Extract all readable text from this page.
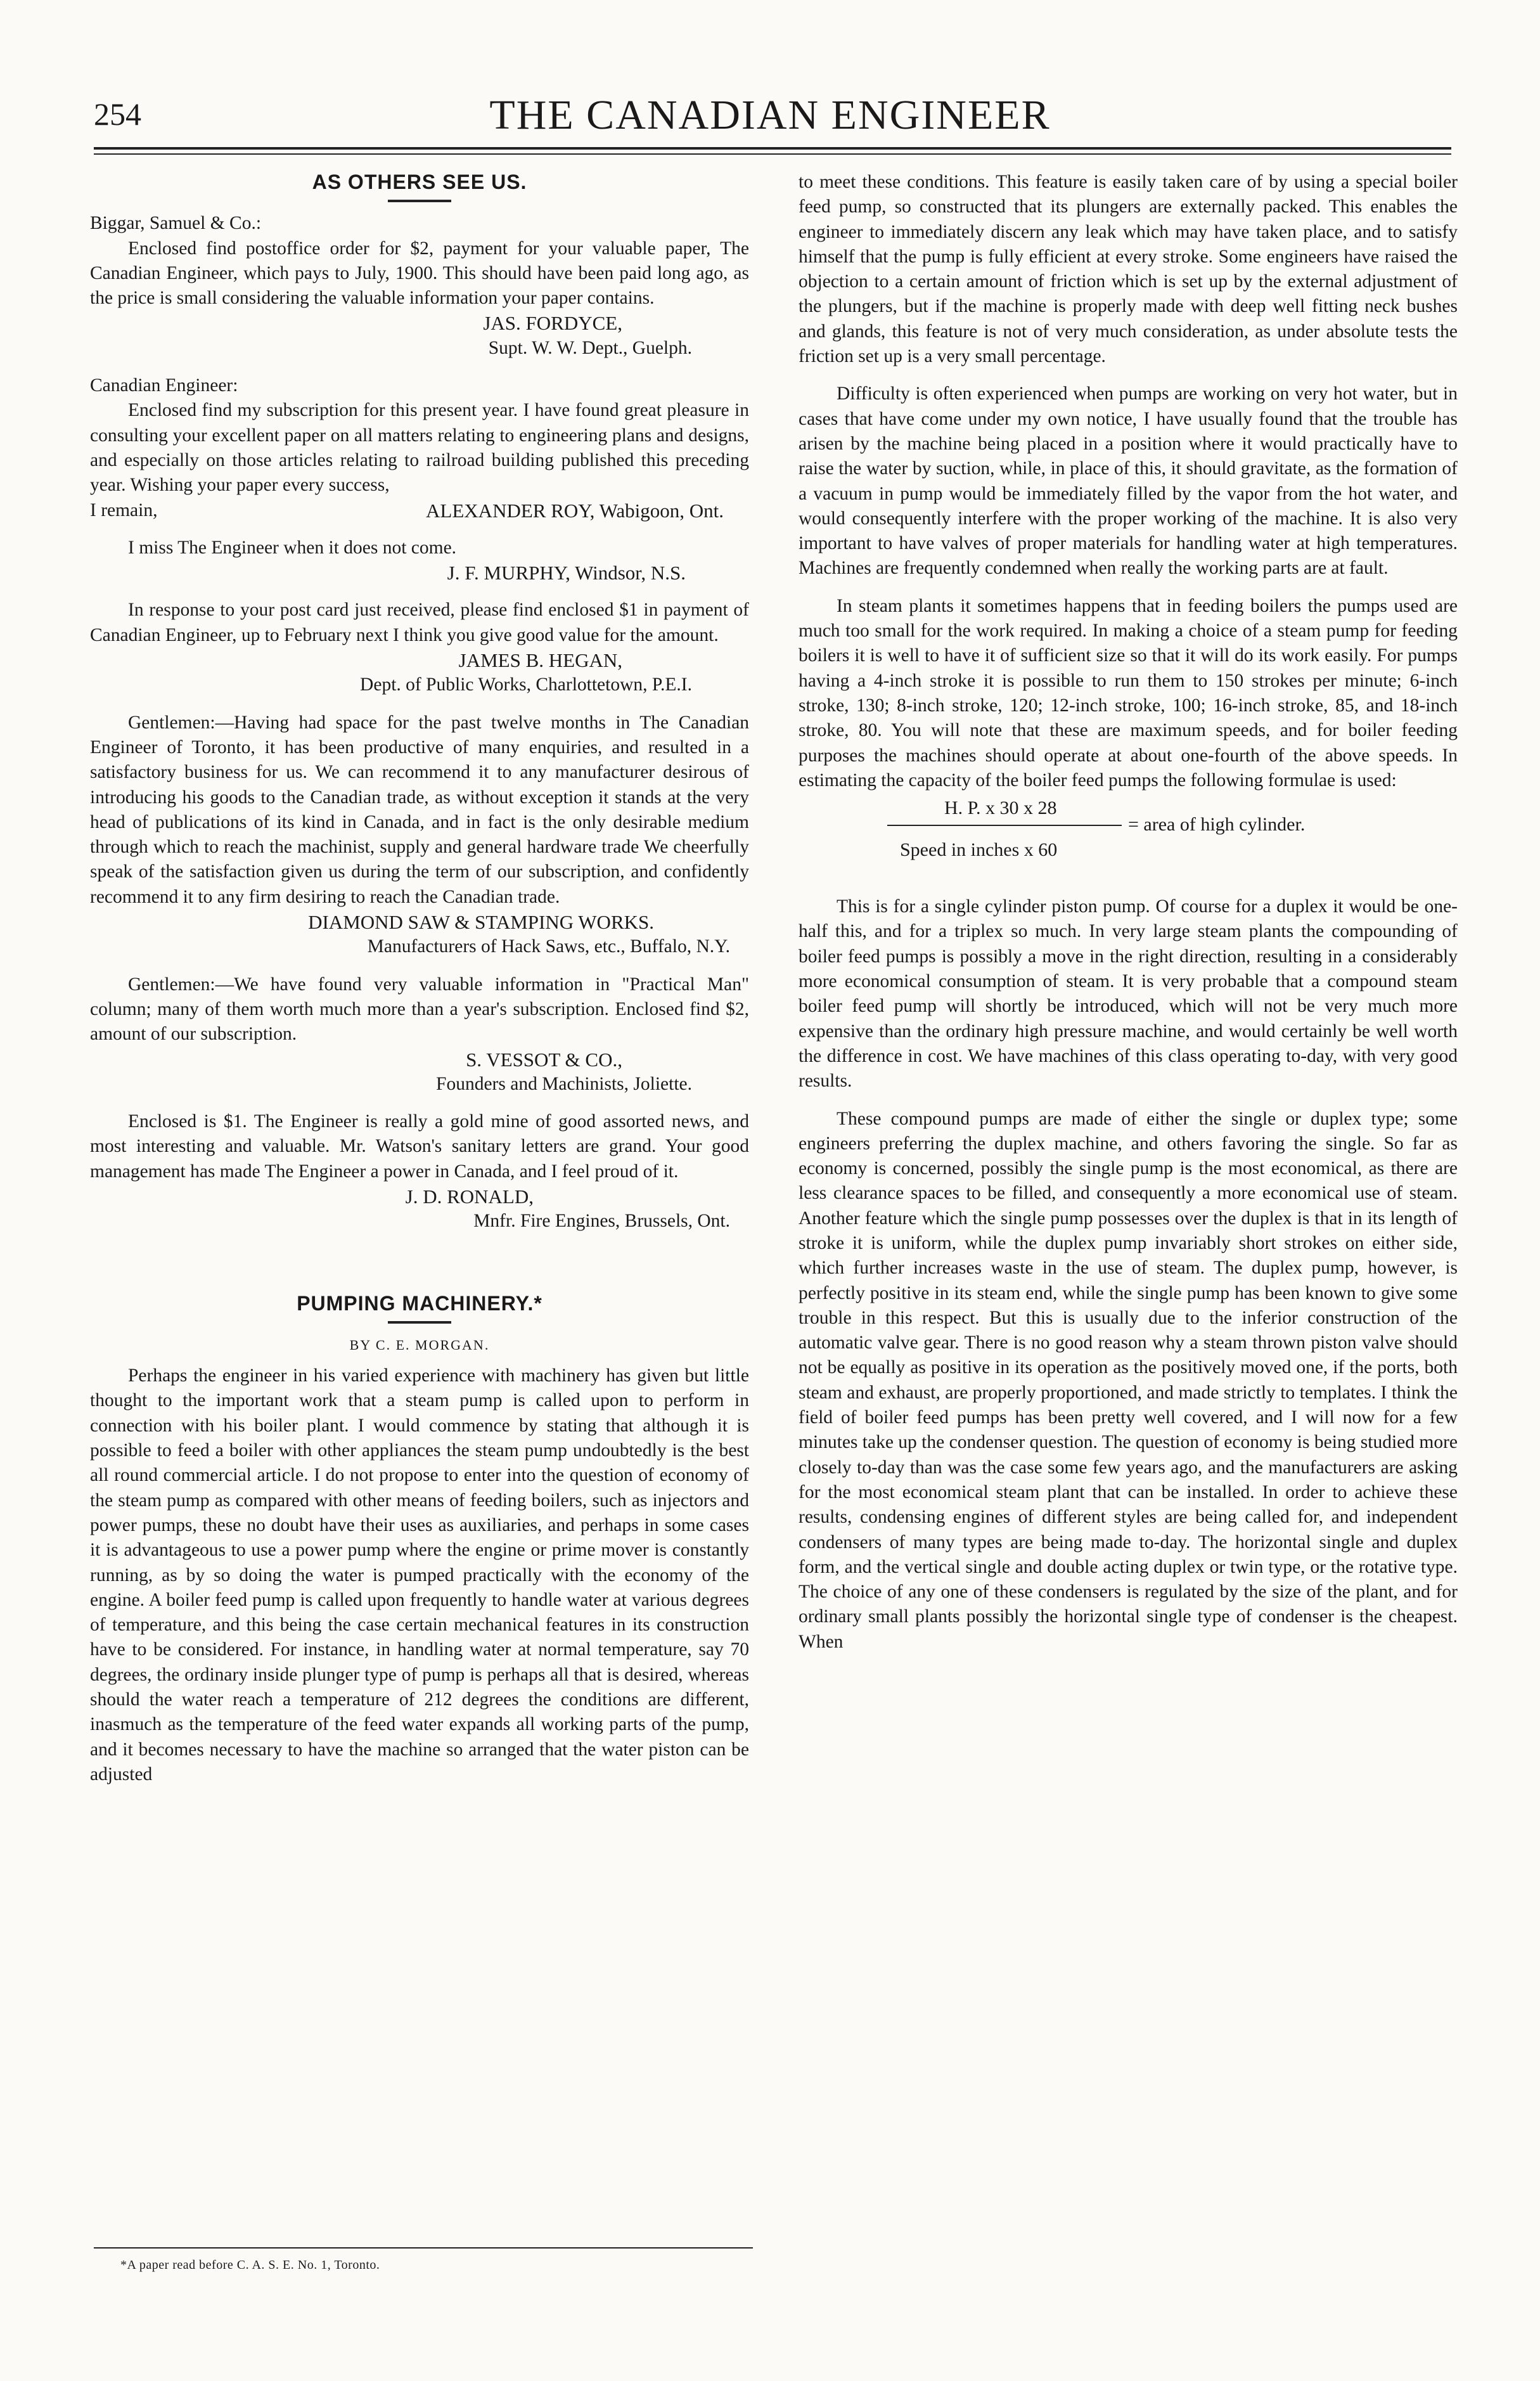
254	THE CANADIAN ENGINEER

AS OTHERS SEE US.

Biggar, Samuel & Co.:

Enclosed find postoffice order for $2, payment for your valuable paper, The Canadian Engineer, which pays to July, 1900. This should have been paid long ago, as the price is small considering the valuable information your paper contains.

JAS. FORDYCE,

Supt. W. W. Dept., Guelph.

Canadian Engineer:

Enclosed find my subscription for this present year. I have found great pleasure in consulting your excellent paper on all matters relating to engineering plans and designs, and especially on those articles relating to railroad building published this preceding year. Wishing your paper every success,

I remain,	ALEXANDER ROY, Wabigoon, Ont.

I miss The Engineer when it does not come.

J. F. MURPHY, Windsor, N.S.

In response to your post card just received, please find enclosed $1 in payment of Canadian Engineer, up to February next I think you give good value for the amount.

JAMES B. HEGAN,

Dept. of Public Works, Charlottetown, P.E.I.

Gentlemen:—Having had space for the past twelve months in The Canadian Engineer of Toronto, it has been productive of many enquiries, and resulted in a satisfactory business for us. We can recommend it to any manufacturer desirous of introducing his goods to the Canadian trade, as without exception it stands at the very head of publications of its kind in Canada, and in fact is the only desirable medium through which to reach the machinist, supply and general hardware trade We cheerfully speak of the satisfaction given us during the term of our subscription, and confidently recommend it to any firm desiring to reach the Canadian trade.

DIAMOND SAW & STAMPING WORKS.

Manufacturers of Hack Saws, etc., Buffalo, N.Y.

Gentlemen:—We have found very valuable information in "Practical Man" column; many of them worth much more than a year's subscription. Enclosed find $2, amount of our subscription.

S. VESSOT & CO.,

Founders and Machinists, Joliette.

Enclosed is $1. The Engineer is really a gold mine of good assorted news, and most interesting and valuable. Mr. Watson's sanitary letters are grand. Your good management has made The Engineer a power in Canada, and I feel proud of it.

J. D. RONALD,

Mnfr. Fire Engines, Brussels, Ont.

PUMPING MACHINERY.*

BY C. E. MORGAN.

Perhaps the engineer in his varied experience with machinery has given but little thought to the important work that a steam pump is called upon to perform in connection with his boiler plant. I would commence by stating that although it is possible to feed a boiler with other appliances the steam pump undoubtedly is the best all round commercial article. I do not propose to enter into the question of economy of the steam pump as compared with other means of feeding boilers, such as injectors and power pumps, these no doubt have their uses as auxiliaries, and perhaps in some cases it is advantageous to use a power pump where the engine or prime mover is constantly running, as by so doing the water is pumped practically with the economy of the engine. A boiler feed pump is called upon frequently to handle water at various degrees of temperature, and this being the case certain mechanical features in its construction have to be considered. For instance, in handling water at normal temperature, say 70 degrees, the ordinary inside plunger type of pump is perhaps all that is desired, whereas should the water reach a temperature of 212 degrees the conditions are different, inasmuch as the temperature of the feed water expands all working parts of the pump, and it becomes necessary to have the machine so arranged that the water piston can be adjusted

*A paper read before C. A. S. E. No. 1, Toronto.

to meet these conditions. This feature is easily taken care of by using a special boiler feed pump, so constructed that its plungers are externally packed. This enables the engineer to immediately discern any leak which may have taken place, and to satisfy himself that the pump is fully efficient at every stroke. Some engineers have raised the objection to a certain amount of friction which is set up by the external adjustment of the plungers, but if the machine is properly made with deep well fitting neck bushes and glands, this feature is not of very much consideration, as under absolute tests the friction set up is a very small percentage.

Difficulty is often experienced when pumps are working on very hot water, but in cases that have come under my own notice, I have usually found that the trouble has arisen by the machine being placed in a position where it would practically have to raise the water by suction, while, in place of this, it should gravitate, as the formation of a vacuum in pump would be immediately filled by the vapor from the hot water, and would consequently interfere with the proper working of the machine. It is also very important to have valves of proper materials for handling water at high temperatures. Machines are frequently condemned when really the working parts are at fault.

In steam plants it sometimes happens that in feeding boilers the pumps used are much too small for the work required. In making a choice of a steam pump for feeding boilers it is well to have it of sufficient size so that it will do its work easily. For pumps having a 4-inch stroke it is possible to run them to 150 strokes per minute; 6-inch stroke, 130; 8-inch stroke, 120; 12-inch stroke, 100; 16-inch stroke, 85, and 18-inch stroke, 80. You will note that these are maximum speeds, and for boiler feeding purposes the machines should operate at about one-fourth of the above speeds. In estimating the capacity of the boiler feed pumps the following formulae is used:

H. P. x 30 x 28
= area of high cylinder.
Speed in inches x 60

This is for a single cylinder piston pump. Of course for a duplex it would be one-half this, and for a triplex so much. In very large steam plants the compounding of boiler feed pumps is possibly a move in the right direction, resulting in a considerably more economical consumption of steam. It is very probable that a compound steam boiler feed pump will shortly be introduced, which will not be very much more expensive than the ordinary high pressure machine, and would certainly be well worth the difference in cost. We have machines of this class operating to-day, with very good results.

These compound pumps are made of either the single or duplex type; some engineers preferring the duplex machine, and others favoring the single. So far as economy is concerned, possibly the single pump is the most economical, as there are less clearance spaces to be filled, and consequently a more economical use of steam. Another feature which the single pump possesses over the duplex is that in its length of stroke it is uniform, while the duplex pump invariably short strokes on either side, which further increases waste in the use of steam. The duplex pump, however, is perfectly positive in its steam end, while the single pump has been known to give some trouble in this respect. But this is usually due to the inferior construction of the automatic valve gear. There is no good reason why a steam thrown piston valve should not be equally as positive in its operation as the positively moved one, if the ports, both steam and exhaust, are properly proportioned, and made strictly to templates. I think the field of boiler feed pumps has been pretty well covered, and I will now for a few minutes take up the condenser question. The question of economy is being studied more closely to-day than was the case some few years ago, and the manufacturers are asking for the most economical steam plant that can be installed. In order to achieve these results, condensing engines of different styles are being called for, and independent condensers of many types are being made to-day. The horizontal single and duplex form, and the vertical single and double acting duplex or twin type, or the rotative type. The choice of any one of these condensers is regulated by the size of the plant, and for ordinary small plants possibly the horizontal single type of condenser is the cheapest. When
